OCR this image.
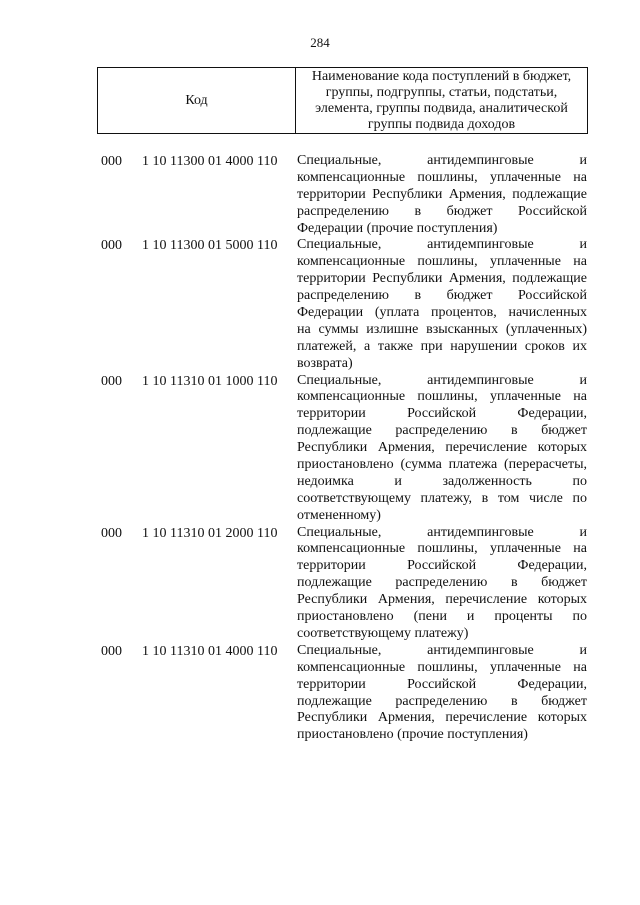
284
Код
Наименование кода поступлений в бюджет,
группы, подгруппы, статьи, подстатьи,
элемента, группы подвида, аналитической
группы подвида доходов
000 1 10 11300 01 4000 110 Специальные, антидемпинговые и
компенсационные пошлины, уплаченные на
территории Республики Армения, подлежащие
распределению в бюджет Российской
Федерации (прочие поступления)
000 1 10 11300 01 5000 110 Специальные, антидемпинговые и
компенсационные пошлины, уплаченные на
территории Республики Армения, подлежащие
распределению в бюджет Российской
Федерации (уплата процентов, начисленных
на суммы излишне взысканных (уплаченных)
платежей, а также при нарушении сроков их
возврата)
000 1 10 11310 01 1000 110 Специальные, антидемпинговые и
компенсационные пошлины, уплаченные на
территории Российской Федерации,
подлежащие распределению в бюджет
Республики Армения, перечисление которых
приостановлено (сумма платежа (перерасчеты,
недоимка и задолженность по
соответствующему платежу, в том числе по
отмененному)
000 1 10 11310 01 2000 110 Специальные, антидемпинговые и
компенсационные пошлины, уплаченные на
территории Российской Федерации,
подлежащие распределению в бюджет
Республики Армения, перечисление которых
приостановлено (пени и проценты по
соответствующему платежу)
000 1 10 11310 01 4000 110 Специальные, антидемпинговые и
компенсационные пошлины, уплаченные на
территории Российской Федерации,
подлежащие распределению в бюджет
Республики Армения, перечисление которых
приостановлено (прочие поступления)
